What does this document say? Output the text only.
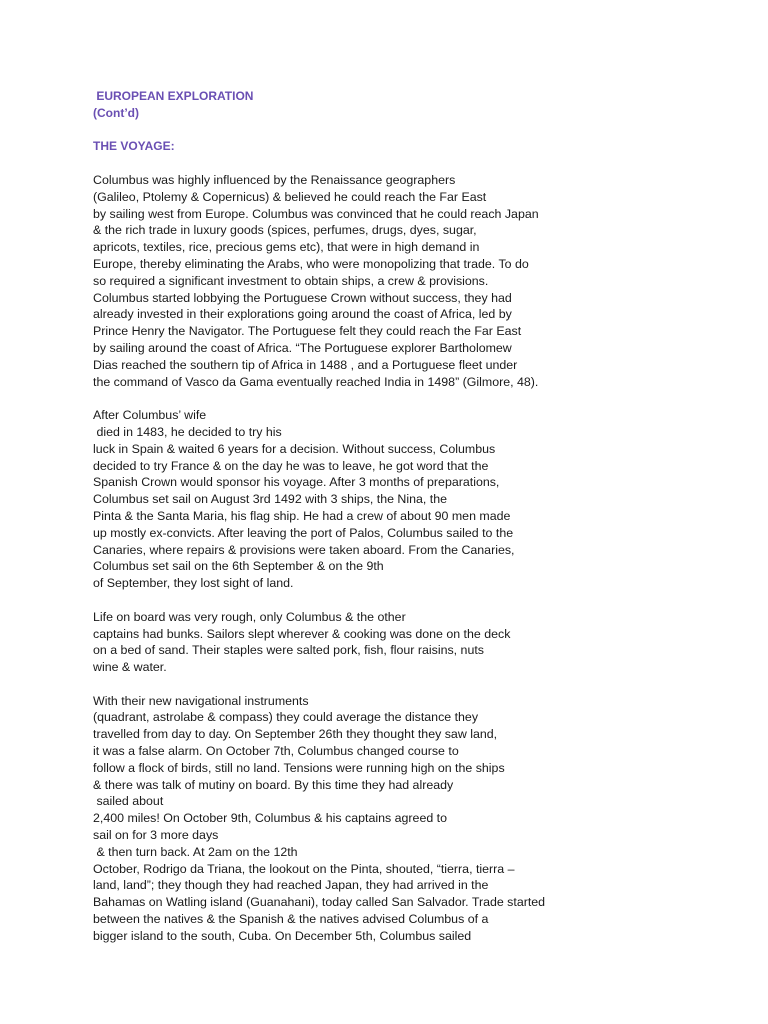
EUROPEAN EXPLORATION
(Cont’d)
THE VOYAGE:
Columbus was highly influenced by the Renaissance geographers
(Galileo, Ptolemy & Copernicus) & believed he could reach the Far East
by sailing west from Europe. Columbus was convinced that he could reach Japan
& the rich trade in luxury goods (spices, perfumes, drugs, dyes, sugar,
apricots, textiles, rice, precious gems etc), that were in high demand in
Europe, thereby eliminating the Arabs, who were monopolizing that trade. To do
so required a significant investment to obtain ships, a crew & provisions.
Columbus started lobbying the Portuguese Crown without success, they had
already invested in their explorations going around the coast of Africa, led by
Prince Henry the Navigator. The Portuguese felt they could reach the Far East
by sailing around the coast of Africa. “The Portuguese explorer Bartholomew
Dias reached the southern tip of Africa in 1488 , and a Portuguese fleet under
the command of Vasco da Gama eventually reached India in 1498” (Gilmore, 48).
After Columbus’ wife
died in 1483, he decided to try his
luck in Spain & waited 6 years for a decision. Without success, Columbus
decided to try France & on the day he was to leave, he got word that the
Spanish Crown would sponsor his voyage. After 3 months of preparations,
Columbus set sail on August 3rd 1492 with 3 ships, the Nina, the
Pinta & the Santa Maria, his flag ship. He had a crew of about 90 men made
up mostly ex-convicts. After leaving the port of Palos, Columbus sailed to the
Canaries, where repairs & provisions were taken aboard. From the Canaries,
Columbus set sail on the 6th September & on the 9th
of September, they lost sight of land.
Life on board was very rough, only Columbus & the other
captains had bunks. Sailors slept wherever & cooking was done on the deck
on a bed of sand. Their staples were salted pork, fish, flour raisins, nuts
wine & water.
With their new navigational instruments
(quadrant, astrolabe & compass) they could average the distance they
travelled from day to day. On September 26th they thought they saw land,
it was a false alarm. On October 7th, Columbus changed course to
follow a flock of birds, still no land. Tensions were running high on the ships
& there was talk of mutiny on board. By this time they had already
sailed about
2,400 miles! On October 9th, Columbus & his captains agreed to
sail on for 3 more days
& then turn back. At 2am on the 12th
October, Rodrigo da Triana, the lookout on the Pinta, shouted, “tierra, tierra –
land, land”; they though they had reached Japan, they had arrived in the
Bahamas on Watling island (Guanahani), today called San Salvador. Trade started
between the natives & the Spanish & the natives advised Columbus of a
bigger island to the south, Cuba. On December 5th, Columbus sailed
